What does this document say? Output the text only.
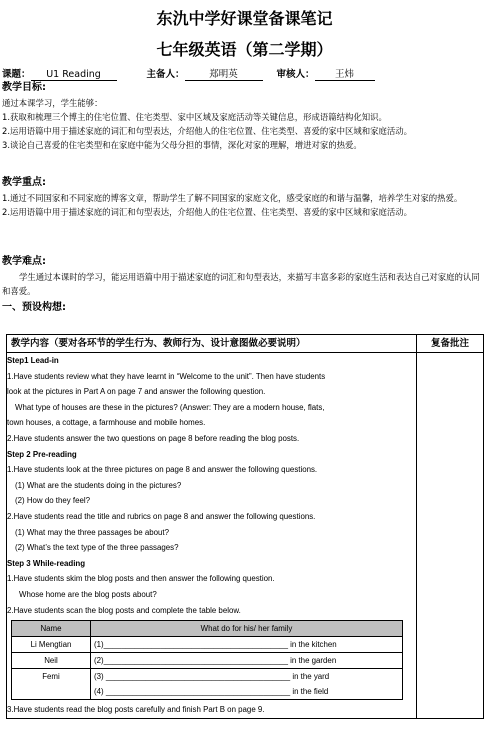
东氿中学好课堂备课笔记
七年级英语（第二学期）
课题： U1 Reading	主备人：	郑明英	审核人： 王炜
教学目标:
通过本课学习，学生能够：
1.获取和梳理三个博主的住宅位置、住宅类型、家中区域及家庭活动等关键信息，形成语篇结构化知识。
2.运用语篇中用于描述家庭的词汇和句型表达，介绍他人的住宅位置、住宅类型、喜爱的家中区域和家庭活动。
3.谈论自己喜爱的住宅类型和在家庭中能为父母分担的事情，深化对家的理解，增进对家的热爱。
教学重点:
1.通过不同国家和不同家庭的博客文章，帮助学生了解不同国家的家庭文化，感受家庭的和谐与温馨，培养学生对家的热爱。
2.运用语篇中用于描述家庭的词汇和句型表达，介绍他人的住宅位置、住宅类型、喜爱的家中区域和家庭活动。
教学难点:
学生通过本课时的学习，能运用语篇中用于描述家庭的词汇和句型表达，来描写丰富多彩的家庭生活和表达自己对家庭的认同和喜爱。
一、预设构想:
教学内容（要对各环节的学生行为、教师行为、设计意图做必要说明）	复备批注

Step1 Lead-in

1.Have students review what they have learnt in “Welcome to the unit”. Then have students

look at the pictures in Part A on page 7 and answer the following question.

What type of houses are these in the pictures? (Answer: They are a modern house, flats,

town houses, a cottage, a farmhouse and mobile homes.

2.Have students answer the two questions on page 8 before reading the blog posts.

Step 2 Pre-reading

1.Have students look at the three pictures on page 8 and answer the following questions.

(1) What are the students doing in the pictures?

(2) How do they feel?

2.Have students read the title and rubrics on page 8 and answer the following questions.

(1) What may the three passages be about?

(2) What’s the text type of the three passages?

Step 3 While-reading

1.Have students skim the blog posts and then answer the following question.

Whose home are the blog posts about?

2.Have students scan the blog posts and complete the table below.

Name	What do for his/ her family
Li Mengtian	(1)__________________________________________ in the kitchen
Neil	(2)__________________________________________ in the garden
Femi	(3) __________________________________________ in the yard
(4) __________________________________________ in the field

3.Have students read the blog posts carefully and finish Part B on page 9.
